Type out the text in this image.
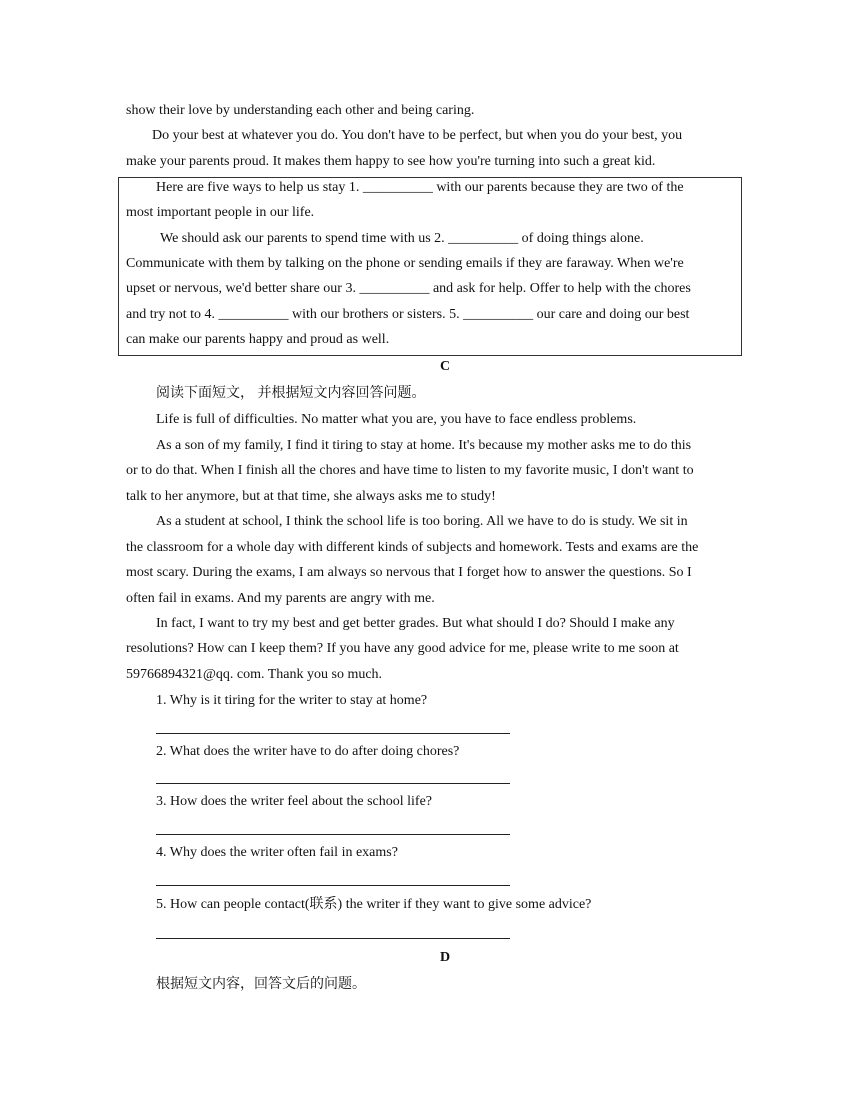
show their love by understanding each other and being caring.
Do your best at whatever you do. You don't have to be perfect, but when you do your best, you
make your parents proud. It makes them happy to see how you're turning into such a great kid.
Here are five ways to help us stay 1. __________ with our parents because they are two of the
most important people in our life.
We should ask our parents to spend time with us 2. __________ of doing things alone.
Communicate with them by talking on the phone or sending emails if they are faraway. When we're
upset or nervous, we'd better share our 3. __________ and ask for help. Offer to help with the chores
and try not to 4. __________ with our brothers or sisters. 5. __________ our care and doing our best
can make our parents happy and proud as well.
C
阅读下面短文， 并根据短文内容回答问题。
Life is full of difficulties. No matter what you are, you have to face endless problems.
As a son of my family, I find it tiring to stay at home. It's because my mother asks me to do this
or to do that. When I finish all the chores and have time to listen to my favorite music, I don't want to
talk to her anymore, but at that time, she always asks me to study!
As a student at school, I think the school life is too boring. All we have to do is study. We sit in
the classroom for a whole day with different kinds of subjects and homework. Tests and exams are the
most scary. During the exams, I am always so nervous that I forget how to answer the questions. So I
often fail in exams. And my parents are angry with me.
In fact, I want to try my best and get better grades. But what should I do? Should I make any
resolutions? How can I keep them? If you have any good advice for me, please write to me soon at
59766894321@qq. com. Thank you so much.
1. Why is it tiring for the writer to stay at home?
2. What does the writer have to do after doing chores?
3. How does the writer feel about the school life?
4. Why does the writer often fail in exams?
5. How can people contact(联系) the writer if they want to give some advice?
D
根据短文内容，回答文后的问题。
